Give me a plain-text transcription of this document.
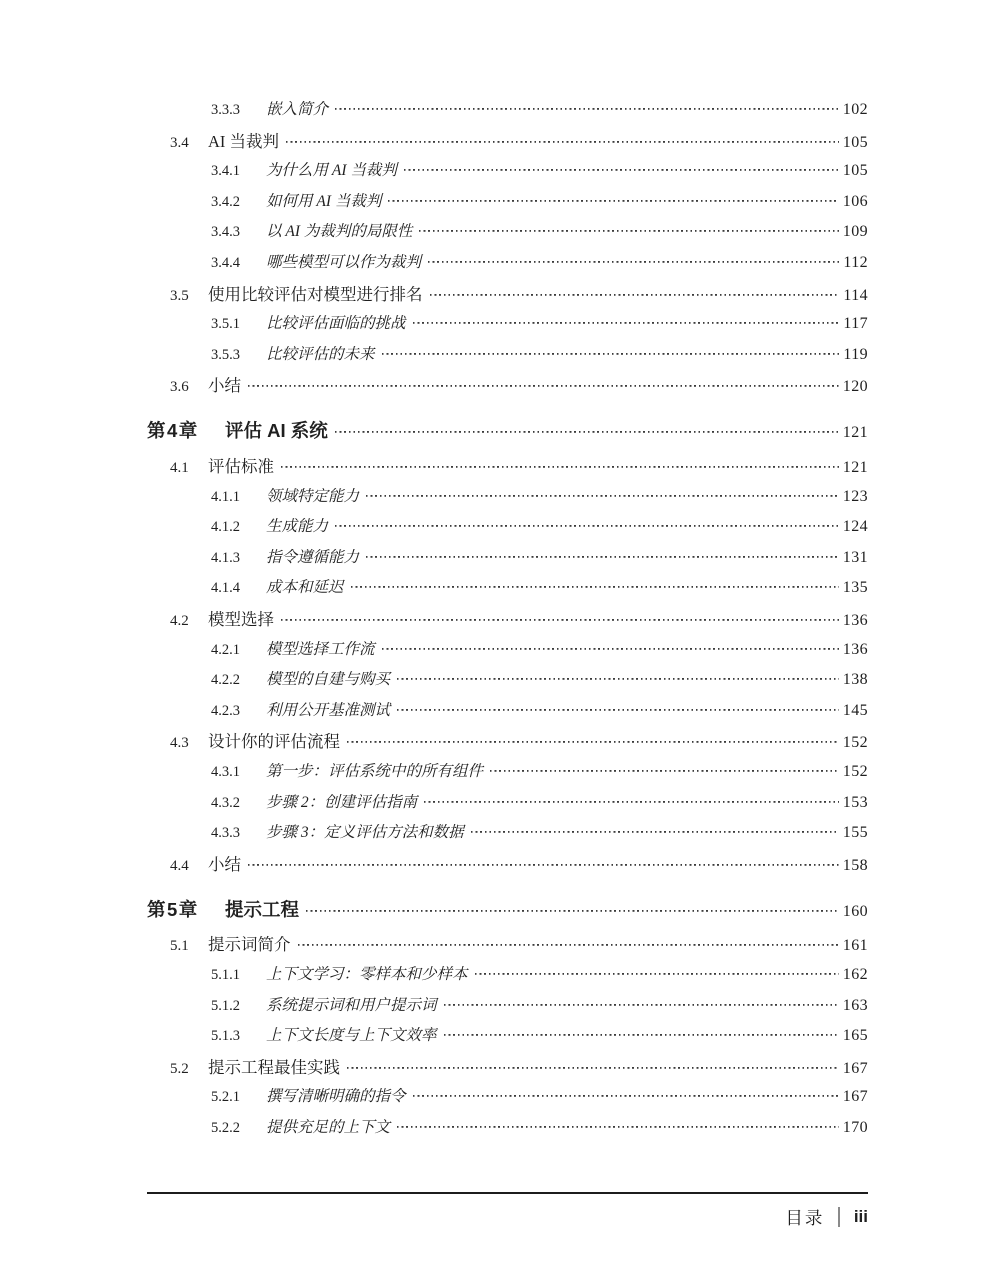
3.3.3	嵌入简介	102
3.4	AI 当裁判	105
3.4.1	为什么用 AI 当裁判	105
3.4.2	如何用 AI 当裁判	106
3.4.3	以 AI 为裁判的局限性	109
3.4.4	哪些模型可以作为裁判	112
3.5	使用比较评估对模型进行排名	114
3.5.1	比较评估面临的挑战	117
3.5.3	比较评估的未来	119
3.6	小结	120
第4章	评估 AI 系统	121
4.1	评估标准	121
4.1.1	领域特定能力	123
4.1.2	生成能力	124
4.1.3	指令遵循能力	131
4.1.4	成本和延迟	135
4.2	模型选择	136
4.2.1	模型选择工作流	136
4.2.2	模型的自建与购买	138
4.2.3	利用公开基准测试	145
4.3	设计你的评估流程	152
4.3.1	第一步：评估系统中的所有组件	152
4.3.2	步骤 2：创建评估指南	153
4.3.3	步骤 3：定义评估方法和数据	155
4.4	小结	158
第5章	提示工程	160
5.1	提示词简介	161
5.1.1	上下文学习：零样本和少样本	162
5.1.2	系统提示词和用户提示词	163
5.1.3	上下文长度与上下文效率	165
5.2	提示工程最佳实践	167
5.2.1	撰写清晰明确的指令	167
5.2.2	提供充足的上下文	170
目录 iii
